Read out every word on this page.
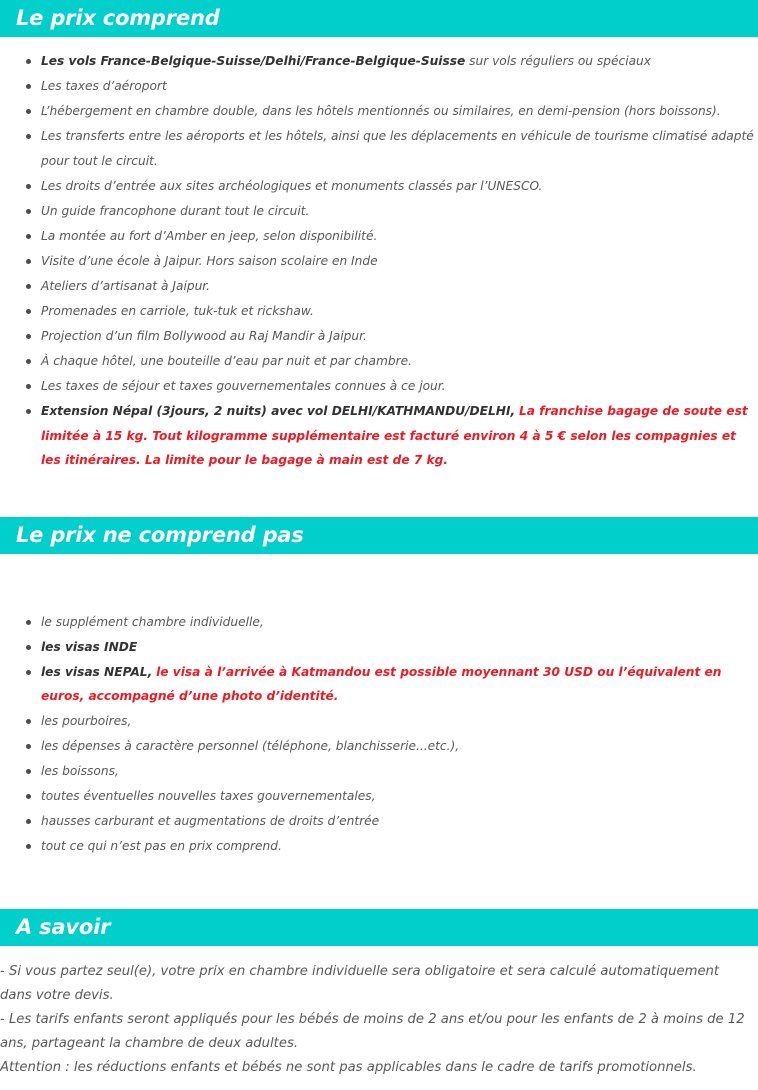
Le prix comprend
Les vols France-Belgique-Suisse/Delhi/France-Belgique-Suisse sur vols réguliers ou spéciaux
Les taxes d’aéroport
L’hébergement en chambre double, dans les hôtels mentionnés ou similaires, en demi-pension (hors boissons).
Les transferts entre les aéroports et les hôtels, ainsi que les déplacements en véhicule de tourisme climatisé adapté pour tout le circuit.
Les droits d’entrée aux sites archéologiques et monuments classés par l’UNESCO.
Un guide francophone durant tout le circuit.
La montée au fort d’Amber en jeep, selon disponibilité.
Visite d’une école à Jaipur. Hors saison scolaire en Inde
Ateliers d’artisanat à Jaipur.
Promenades en carriole, tuk-tuk et rickshaw.
Projection d’un film Bollywood au Raj Mandir à Jaipur.
À chaque hôtel, une bouteille d’eau par nuit et par chambre.
Les taxes de séjour et taxes gouvernementales connues à ce jour.
Extension Népal (3jours, 2 nuits) avec vol DELHI/KATHMANDU/DELHI, La franchise bagage de soute est limitée à 15 kg. Tout kilogramme supplémentaire est facturé environ 4 à 5 € selon les compagnies et les itinéraires. La limite pour le bagage à main est de 7 kg.
Le prix ne comprend pas
le supplément chambre individuelle,
les visas INDE
les visas NEPAL, le visa à l’arrivée à Katmandou est possible moyennant 30 USD ou l’équivalent en euros, accompagné d’une photo d’identité.
les pourboires,
les dépenses à caractère personnel (téléphone, blanchisserie...etc.),
les boissons,
toutes éventuelles nouvelles taxes gouvernementales,
hausses carburant et augmentations de droits d’entrée
tout ce qui n’est pas en prix comprend.
A savoir

- Si vous partez seul(e), votre prix en chambre individuelle sera obligatoire et sera calculé automatiquement dans votre devis.

- Les tarifs enfants seront appliqués pour les bébés de moins de 2 ans et/ou pour les enfants de 2 à moins de 12 ans, partageant la chambre de deux adultes.

Attention : les réductions enfants et bébés ne sont pas applicables dans le cadre de tarifs promotionnels.
